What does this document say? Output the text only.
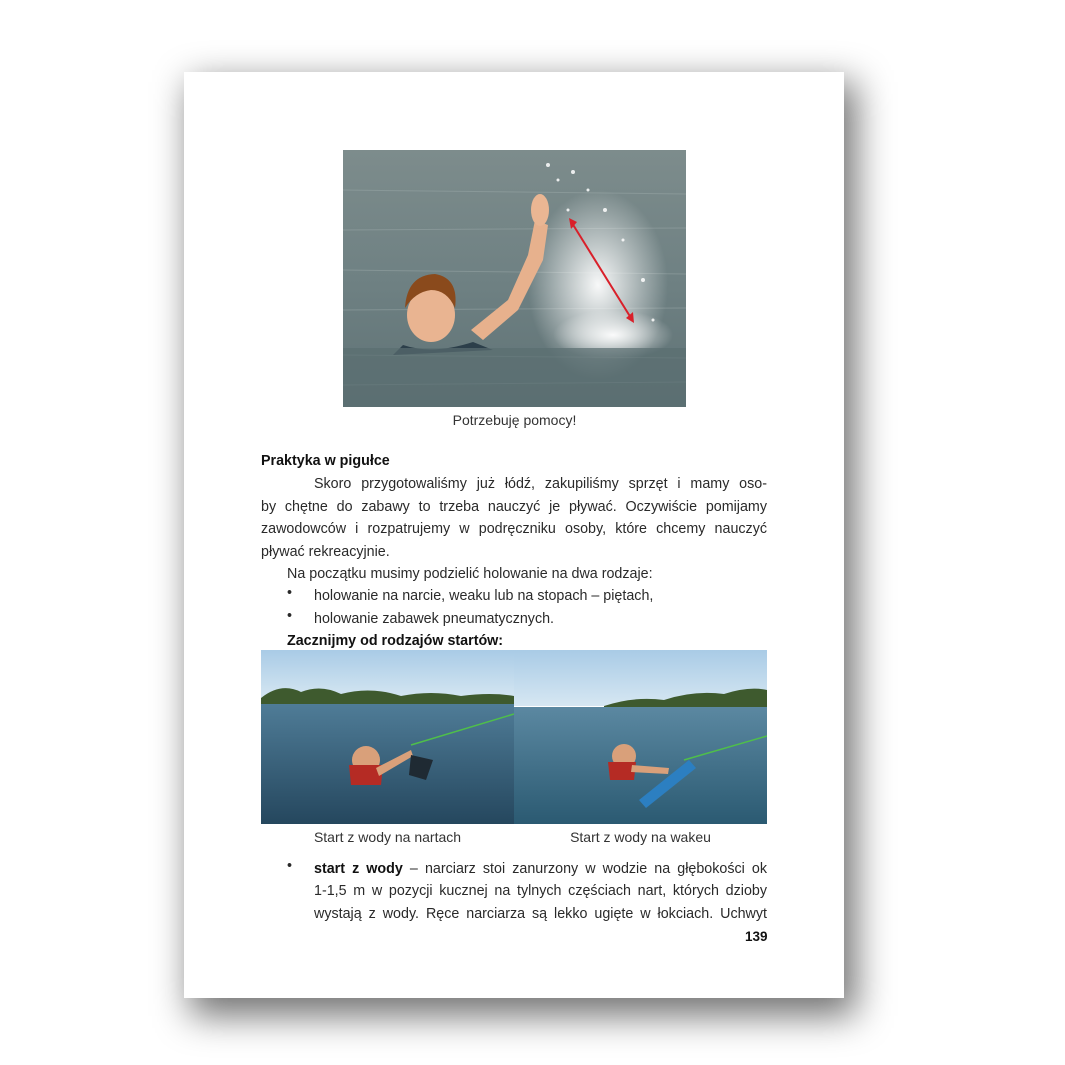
Potrzebuję pomocy!
Praktyka w pigułce
Skoro przygotowaliśmy już łódź, zakupiliśmy sprzęt i mamy oso-
by chętne do zabawy to trzeba nauczyć je pływać. Oczywiście pomijamy
zawodowców i rozpatrujemy w podręczniku osoby, które chcemy nauczyć
pływać rekreacyjnie.
Na początku musimy podzielić holowanie na dwa rodzaje:
• holowanie na narcie, weaku lub na stopach – piętach,
• holowanie zabawek pneumatycznych.
Zacznijmy od rodzajów startów:
Start z wody na nartach	Start z wody na wakeu
• start z wody – narciarz stoi zanurzony w wodzie na głębokości ok
1-1,5 m w pozycji kucznej na tylnych częściach nart, których dzioby
wystają z wody. Ręce narciarza są lekko ugięte w łokciach. Uchwyt
139
